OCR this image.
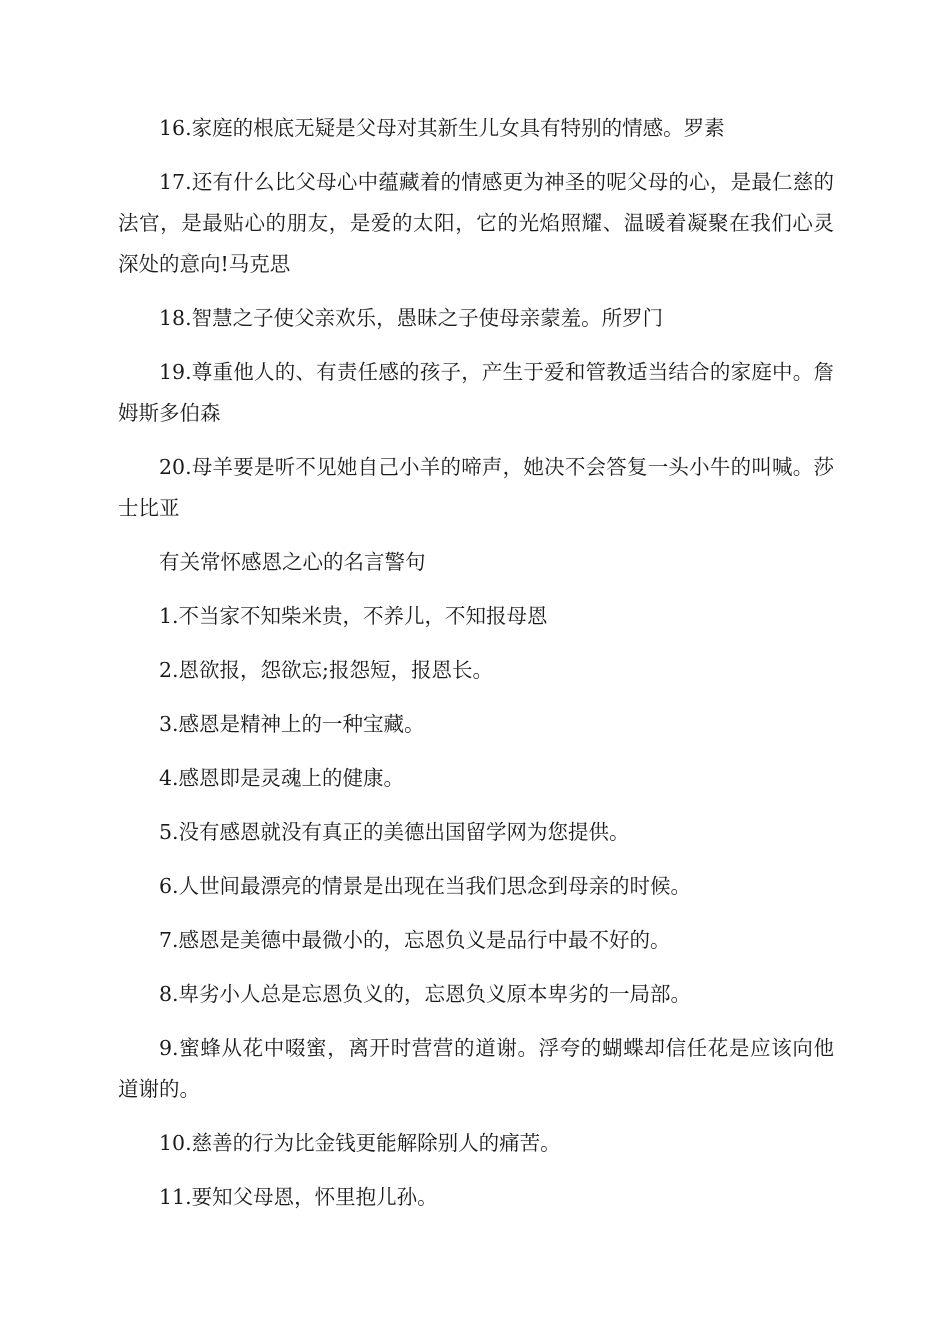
16.家庭的根底无疑是父母对其新生儿女具有特别的情感。罗素

17.还有什么比父母心中蕴藏着的情感更为神圣的呢父母的心，是最仁慈的法官，是最贴心的朋友，是爱的太阳，它的光焰照耀、温暖着凝聚在我们心灵深处的意向!马克思

18.智慧之子使父亲欢乐，愚昧之子使母亲蒙羞。所罗门

19.尊重他人的、有责任感的孩子，产生于爱和管教适当结合的家庭中。詹姆斯多伯森

20.母羊要是听不见她自己小羊的啼声，她决不会答复一头小牛的叫喊。莎士比亚

有关常怀感恩之心的名言警句

1.不当家不知柴米贵，不养儿，不知报母恩

2.恩欲报，怨欲忘;报怨短，报恩长。

3.感恩是精神上的一种宝藏。

4.感恩即是灵魂上的健康。

5.没有感恩就没有真正的美德出国留学网为您提供。

6.人世间最漂亮的情景是出现在当我们思念到母亲的时候。

7.感恩是美德中最微小的，忘恩负义是品行中最不好的。

8.卑劣小人总是忘恩负义的，忘恩负义原本卑劣的一局部。

9.蜜蜂从花中啜蜜，离开时营营的道谢。浮夸的蝴蝶却信任花是应该向他道谢的。

10.慈善的行为比金钱更能解除别人的痛苦。

11.要知父母恩，怀里抱儿孙。
